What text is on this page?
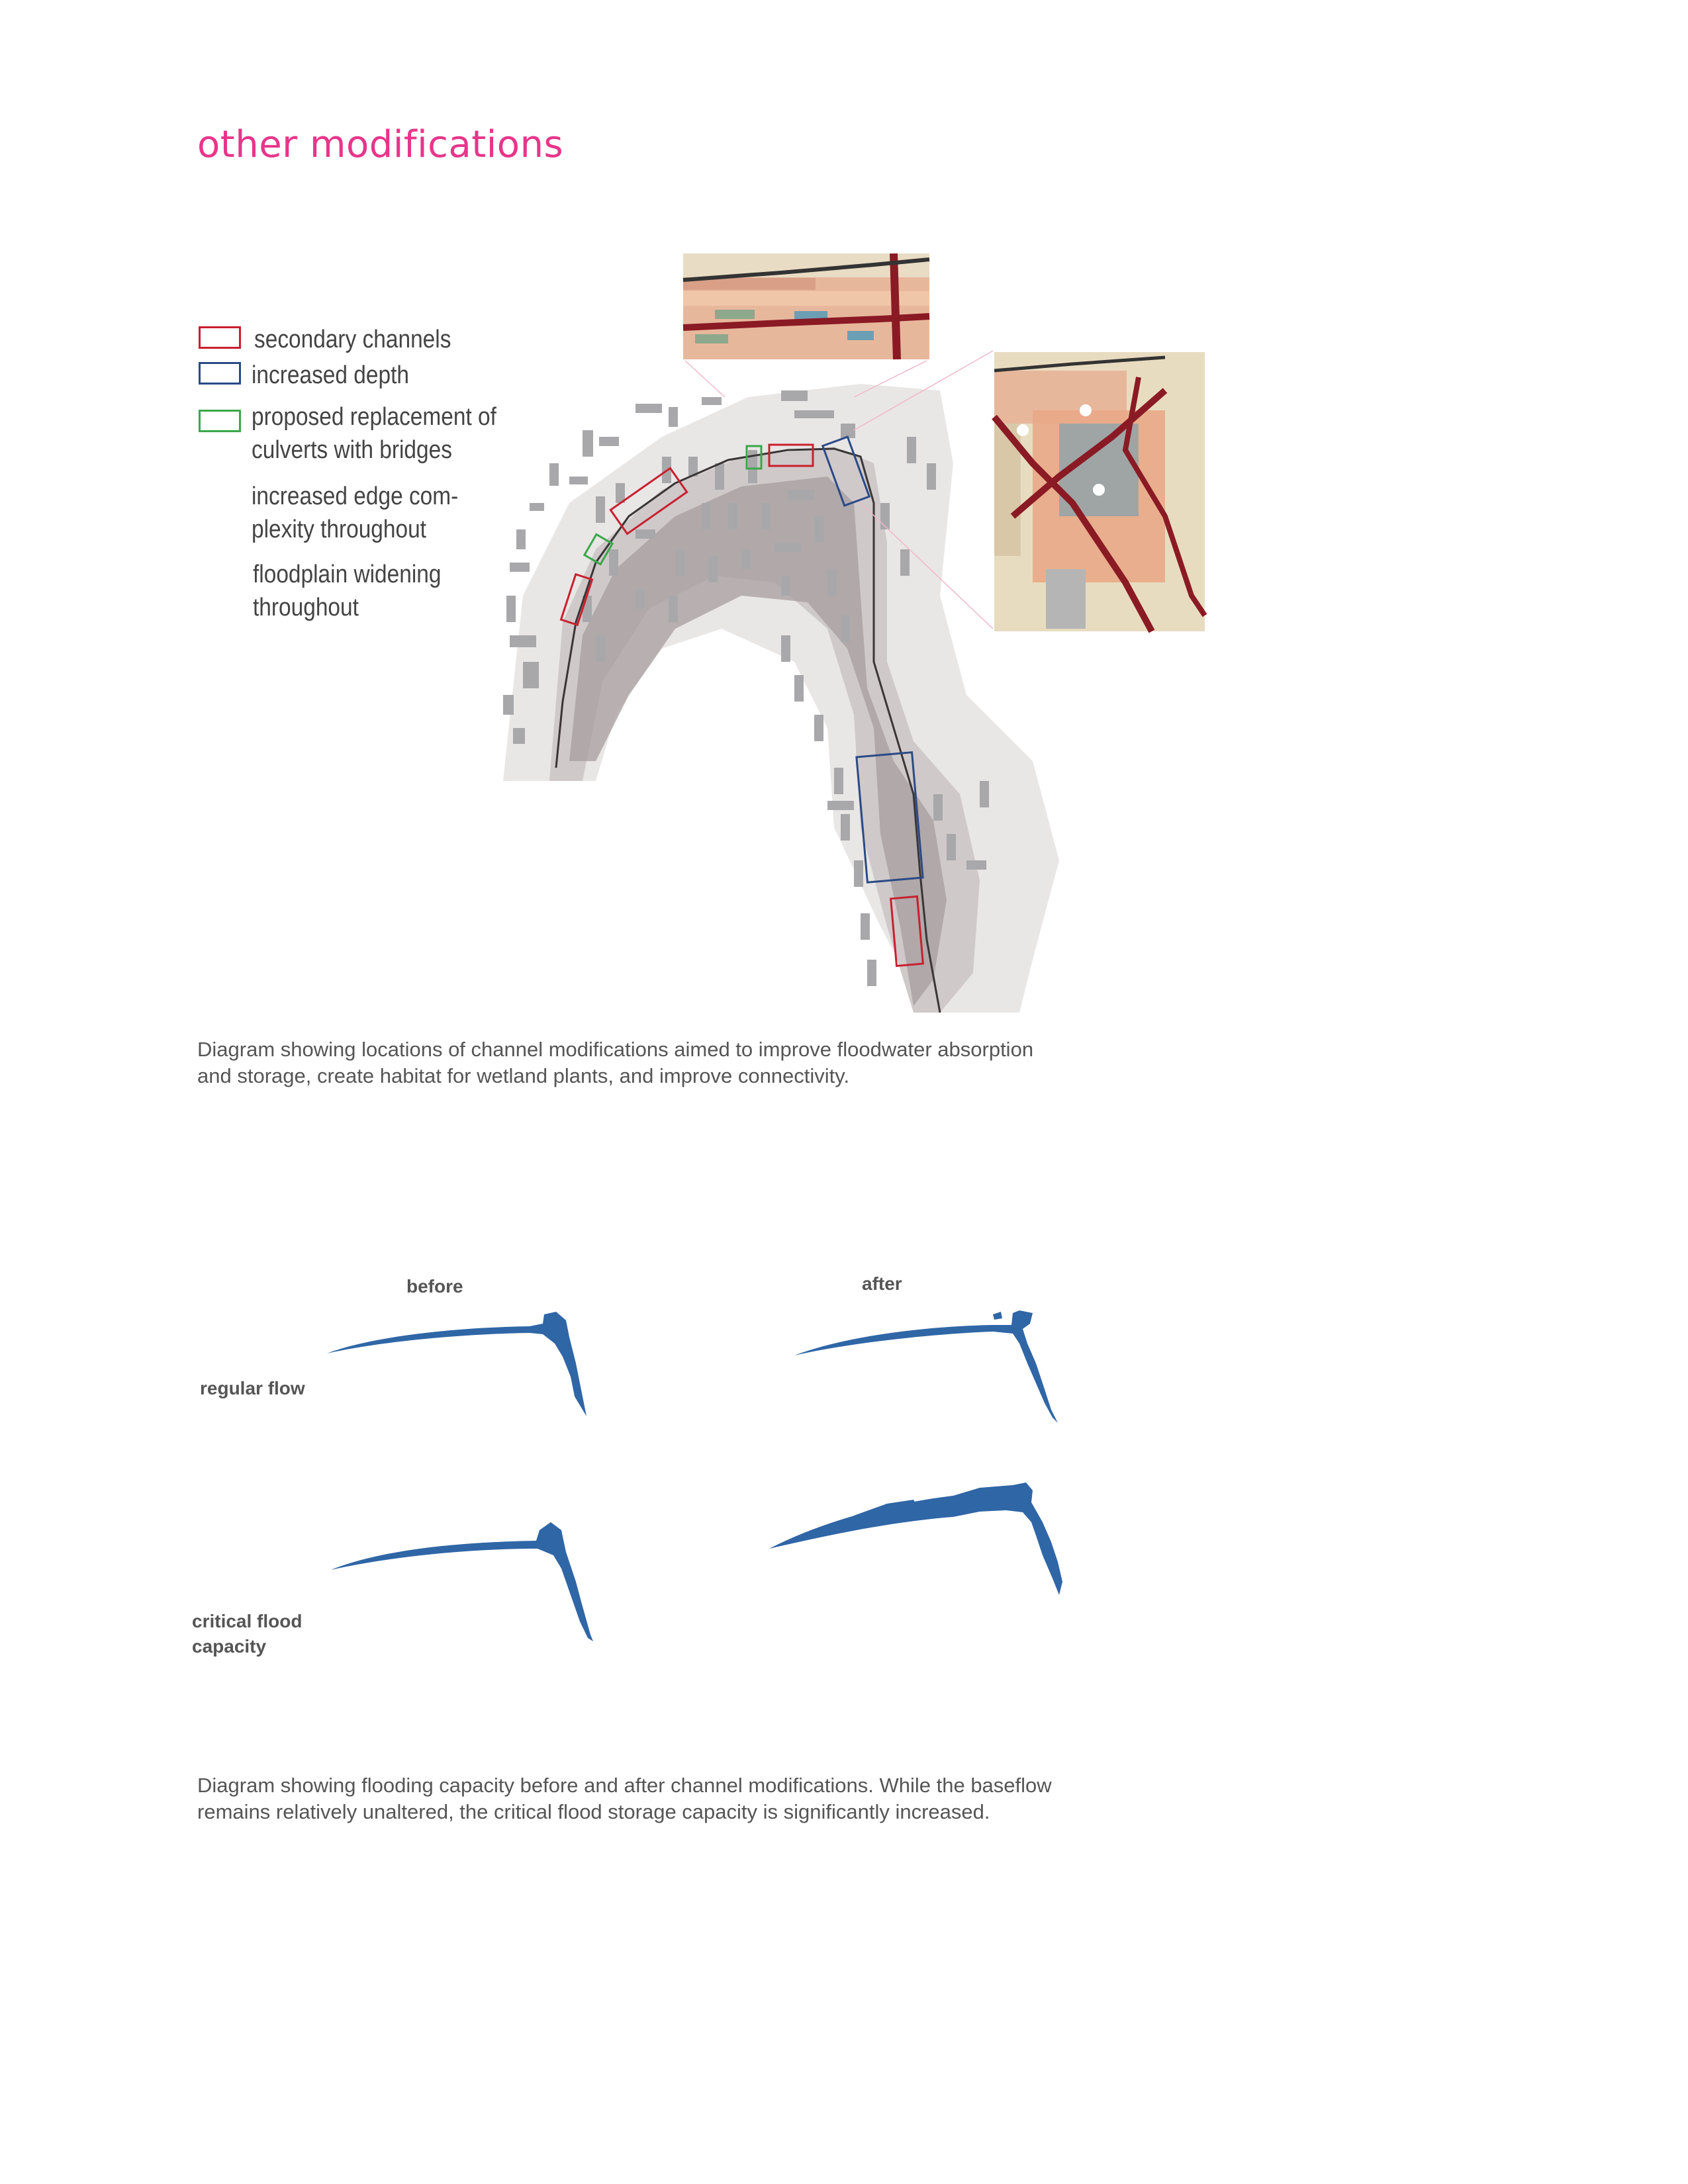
other modifications
secondary channels
increased depth
proposed replacement of
culverts with bridges
increased edge com-
plexity throughout
floodplain widening
throughout
Diagram showing locations of channel modifications aimed to improve floodwater absorption
and storage, create habitat for wetland plants, and improve connectivity.
before	after
regular flow
critical flood
capacity
Diagram showing flooding capacity before and after channel modifications. While the baseflow
remains relatively unaltered, the critical flood storage capacity is significantly increased.
